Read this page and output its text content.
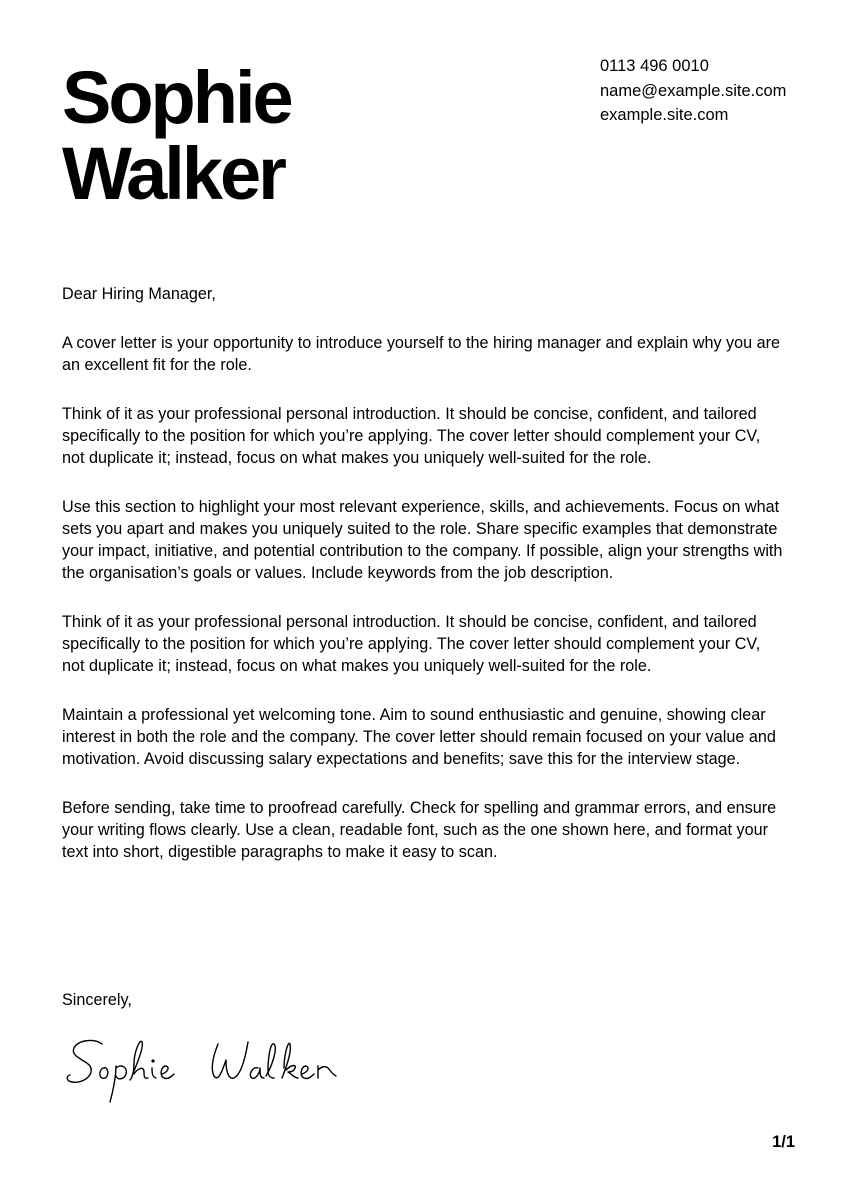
Sophie
Walker
0113 496 0010
name@example.site.com
example.site.com

Dear Hiring Manager,

A cover letter is your opportunity to introduce yourself to the hiring manager and explain why you are an excellent fit for the role.

Think of it as your professional personal introduction. It should be concise, confident, and tailored specifically to the position for which you’re applying. The cover letter should complement your CV, not duplicate it; instead, focus on what makes you uniquely well-suited for the role.

Use this section to highlight your most relevant experience, skills, and achievements. Focus on what sets you apart and makes you uniquely suited to the role. Share specific examples that demonstrate your impact, initiative, and potential contribution to the company. If possible, align your strengths with the organisation’s goals or values. Include keywords from the job description.

Think of it as your professional personal introduction. It should be concise, confident, and tailored specifically to the position for which you’re applying. The cover letter should complement your CV, not duplicate it; instead, focus on what makes you uniquely well-suited for the role.

Maintain a professional yet welcoming tone. Aim to sound enthusiastic and genuine, showing clear interest in both the role and the company. The cover letter should remain focused on your value and motivation. Avoid discussing salary expectations and benefits; save this for the interview stage.

Before sending, take time to proofread carefully. Check for spelling and grammar errors, and ensure your writing flows clearly. Use a clean, readable font, such as the one shown here, and format your text into short, digestible paragraphs to make it easy to scan.

Sincerely,
1/1
